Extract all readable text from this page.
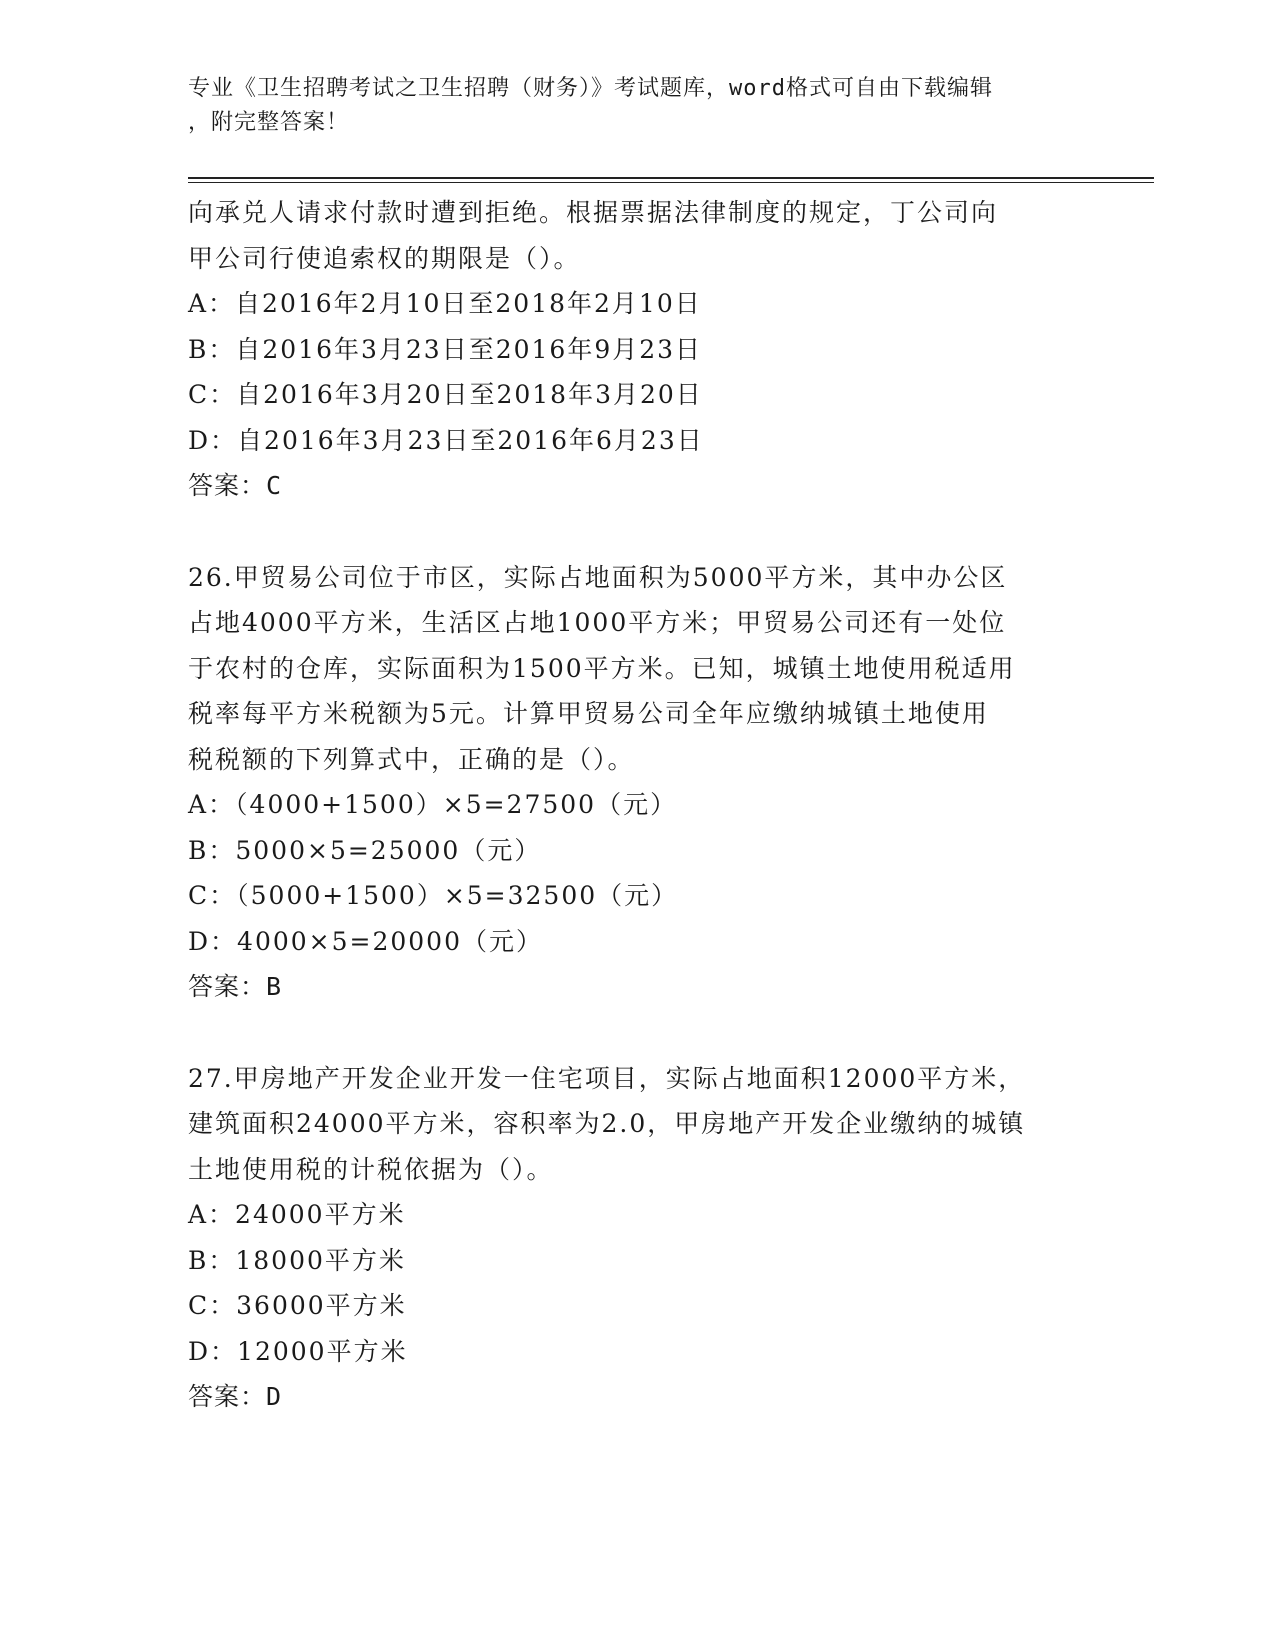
专业《卫生招聘考试之卫生招聘（财务）》考试题库，word格式可自由下载编辑
，附完整答案！
向承兑人请求付款时遭到拒绝。根据票据法律制度的规定，丁公司向
甲公司行使追索权的期限是（）。
A：自2016年2月10日至2018年2月10日
B：自2016年3月23日至2016年9月23日
C：自2016年3月20日至2018年3月20日
D：自2016年3月23日至2016年6月23日
答案：C
26.甲贸易公司位于市区，实际占地面积为5000平方米，其中办公区
占地4000平方米，生活区占地1000平方米；甲贸易公司还有一处位
于农村的仓库，实际面积为1500平方米。已知，城镇土地使用税适用
税率每平方米税额为5元。计算甲贸易公司全年应缴纳城镇土地使用
税税额的下列算式中，正确的是（）。
A：（4000+1500）×5=27500（元）
B：5000×5=25000（元）
C：（5000+1500）×5=32500（元）
D：4000×5=20000（元）
答案：B
27.甲房地产开发企业开发一住宅项目，实际占地面积12000平方米，
建筑面积24000平方米，容积率为2.0，甲房地产开发企业缴纳的城镇
土地使用税的计税依据为（）。
A：24000平方米
B：18000平方米
C：36000平方米
D：12000平方米
答案：D
